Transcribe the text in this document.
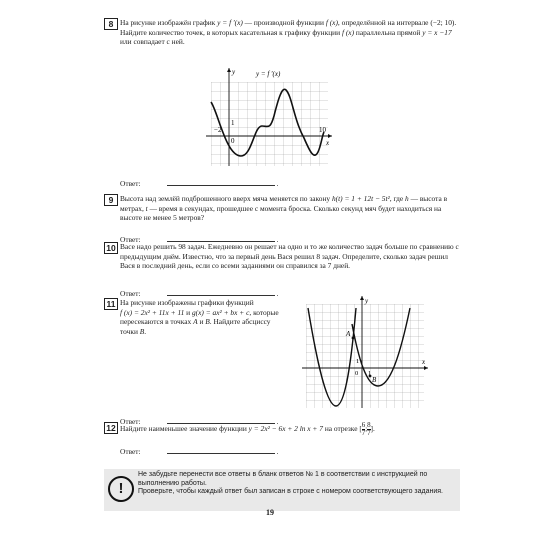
8 На рисунке изображён график y = f ′(x) — производной функции f (x), определённой на интервале (−2; 10). Найдите количество точек, в которых касательная к графику функции f (x) параллельна прямой y = x −17 или совпадает с ней.
−2
0
1
10
y
x
y = f ′(x)
Ответ:	.
9 Высота над землёй подброшенного вверх мяча меняется по закону h(t) = 1 + 12t − 5t², где h — высота в метрах, t — время в секундах, прошедшее с момента броска. Сколько секунд мяч будет находиться на высоте не менее 5 метров?
Ответ:	.
10 Васе надо решить 98 задач. Ежедневно он решает на одно и то же количество задач больше по сравнению с предыдущим днём. Известно, что за первый день Вася решил 8 задач. Определите, сколько задач решил Вася в последний день, если со всеми заданиями он справился за 7 дней.
Ответ:	.
11 На рисунке изображены графики функций
f (x) = 2x² + 11x + 11 и g(x) = ax² + bx + c, которые пересекаются в точках A и B. Найдите абсциссу точки B.	A
B
0 1
1
y
x
Ответ:	.
12 Найдите наименьшее значение функции y = 2x² − 6x + 2 ln x + 7 на отрезке [ $\frac{6}{7}$ ; $\frac{8}{7}$ ].
Ответ:	.
!
Не забудьте перенести все ответы в бланк ответов № 1 в соответствии с инструкцией по выполнению работы.
Проверьте, чтобы каждый ответ был записан в строке с номером соответствующего задания.
19
